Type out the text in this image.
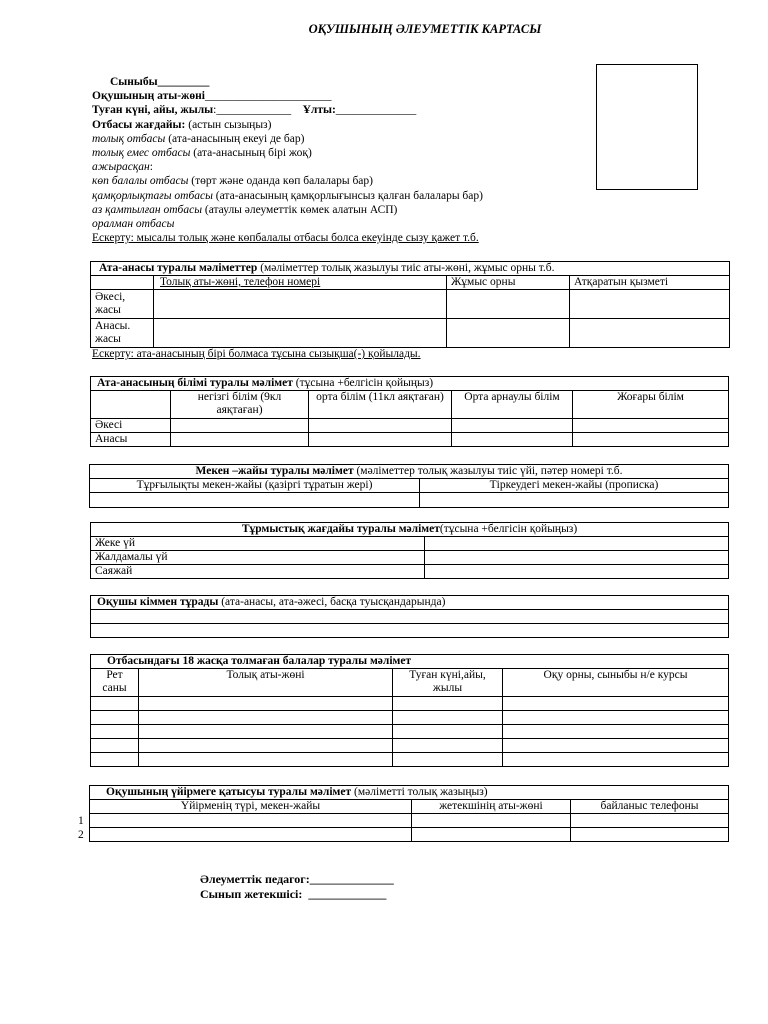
ОҚУШЫНЫҢ ӘЛЕУМЕТТІК КАРТАСЫ
Сыныбы_________
Оқушының аты-жөні______________________
Туған күні, айы, жылы:_____________ Ұлты:______________
Отбасы жағдайы: (астын сызыңыз)
толық отбасы (ата-анасының екеуі де бар)
толық емес отбасы (ата-анасының бірі жоқ)
ажырасқан:
көп балалы отбасы (төрт және оданда көп балалары бар)
қамқорлықтағы отбасы (ата-анасының қамқорлығынсыз қалған балалары бар)
аз қамтылған отбасы (атаулы әлеуметтік көмек алатын АСП)
оралман отбасы
Ескерту: мысалы толық және көпбалалы отбасы болса екеуінде сызу қажет т.б.
Ата-анасы туралы мәліметтер (мәліметтер толық жазылуы тиіс аты-жөні, жұмыс орны т.б.			
	Толық аты-жөні, телефон номері	Жұмыс орны	Атқаратын қызметі
Әкесі, жасы			
Анасы. жасы			
Ескерту: ата-анасының бірі болмаса тұсына сызықша(-) қойылады.
Ата-анасының білімі туралы мәлімет (тұсына +белгісін қойыңыз)				
	негізгі білім (9кл аяқтаған)	орта білім (11кл аяқтаған)	Орта арнаулы білім	Жоғары білім
Әкесі				
Анасы				
Мекен –жайы туралы мәлімет (мәліметтер толық жазылуы тиіс үйі, пәтер номері т.б.	
Тұрғылықты мекен-жайы (қазіргі тұратын жері)	Тіркеудегі мекен-жайы (прописка)

Тұрмыстық жағдайы туралы мәлімет(тұсына +белгісін қойыңыз)	
Жеке үй	
Жалдамалы үй	
Саяжай	
Оқушы кіммен тұрады (ата-анасы, ата-әжесі, басқа туысқандарында)

Отбасындағы 18 жасқа толмаған балалар туралы мәлімет			
Рет саны	Толық аты-жөні	Туған күні,айы, жылы	Оқу орны, сыныбы н/е курсы

Оқушының үйірмеге қатысуы туралы мәлімет (мәліметті толық жазыңыз)		
Үйірменің түрі, мекен-жайы	жетекшінің аты-жөні	байланыс телефоны

1
2
Әлеуметтік педагог:______________
Сынып жетекшісі: _____________
